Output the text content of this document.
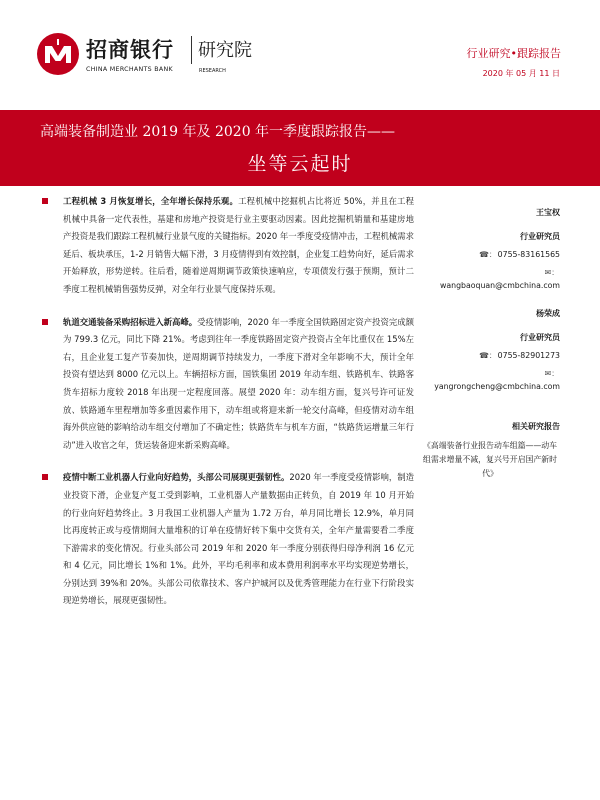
招商银行 研究院
CHINA MERCHANTS BANK	RESEARCH
行业研究•跟踪报告
2020 年 05 月 11 日
高端装备制造业 2019 年及 2020 年一季度跟踪报告——
坐等云起时
工程机械 3 月恢复增长，全年增长保持乐观。工程机械中挖掘机占比将近 50%，并且在工程机械中具备一定代表性，基建和房地产投资是行业主要驱动因素。因此挖掘机销量和基建房地产投资是我们跟踪工程机械行业景气度的关键指标。2020 年一季度受疫情冲击，工程机械需求延后、板块承压，1-2 月销售大幅下滑，3 月疫情得到有效控制，企业复工趋势向好，延后需求开始释放，形势逆转。往后看，随着逆周期调节政策快速响应，专项债发行强于预期，预计二季度工程机械销售强势反弹，对全年行业景气度保持乐观。
轨道交通装备采购招标进入新高峰。受疫情影响，2020 年一季度全国铁路固定资产投资完成额为 799.3 亿元，同比下降 21%。考虑到往年一季度铁路固定资产投资占全年比重仅在 15%左右，且企业复工复产节奏加快，逆周期调节持续发力，一季度下滑对全年影响不大，预计全年投资有望达到 8000 亿元以上。车辆招标方面，国铁集团 2019 年动车组、铁路机车、铁路客货车招标力度较 2018 年出现一定程度回落。展望 2020 年：动车组方面，复兴号许可证发放、铁路通车里程增加等多重因素作用下，动车组或将迎来新一轮交付高峰，但疫情对动车组海外供应链的影响给动车组交付增加了不确定性；铁路货车与机车方面，“铁路货运增量三年行动”进入收官之年，货运装备迎来新采购高峰。
疫情中断工业机器人行业向好趋势，头部公司展现更强韧性。2020 年一季度受疫情影响，制造业投资下滑，企业复产复工受到影响，工业机器人产量数据由正转负，自 2019 年 10 月开始的行业向好趋势终止。3 月我国工业机器人产量为 1.72 万台，单月同比增长 12.9%，单月同比再度转正或与疫情期间大量堆积的订单在疫情好转下集中交货有关，全年产量需要看二季度下游需求的变化情况。行业头部公司 2019 年和 2020 年一季度分别获得归母净利润 16 亿元和 4 亿元，同比增长 1%和 1%。此外，平均毛利率和成本费用利润率水平均实现逆势增长，分别达到 39%和 20%。头部公司依靠技术、客户护城河以及优秀管理能力在行业下行阶段实现逆势增长，展现更强韧性。
王宝权
行业研究员
☎：0755-83161565
✉：
wangbaoquan@cmbchina.com
杨荣成
行业研究员
☎：0755-82901273
✉：
yangrongcheng@cmbchina.com
相关研究报告
《高端装备行业报告动车组篇——动车组需求增量不减，复兴号开启国产新时代》
